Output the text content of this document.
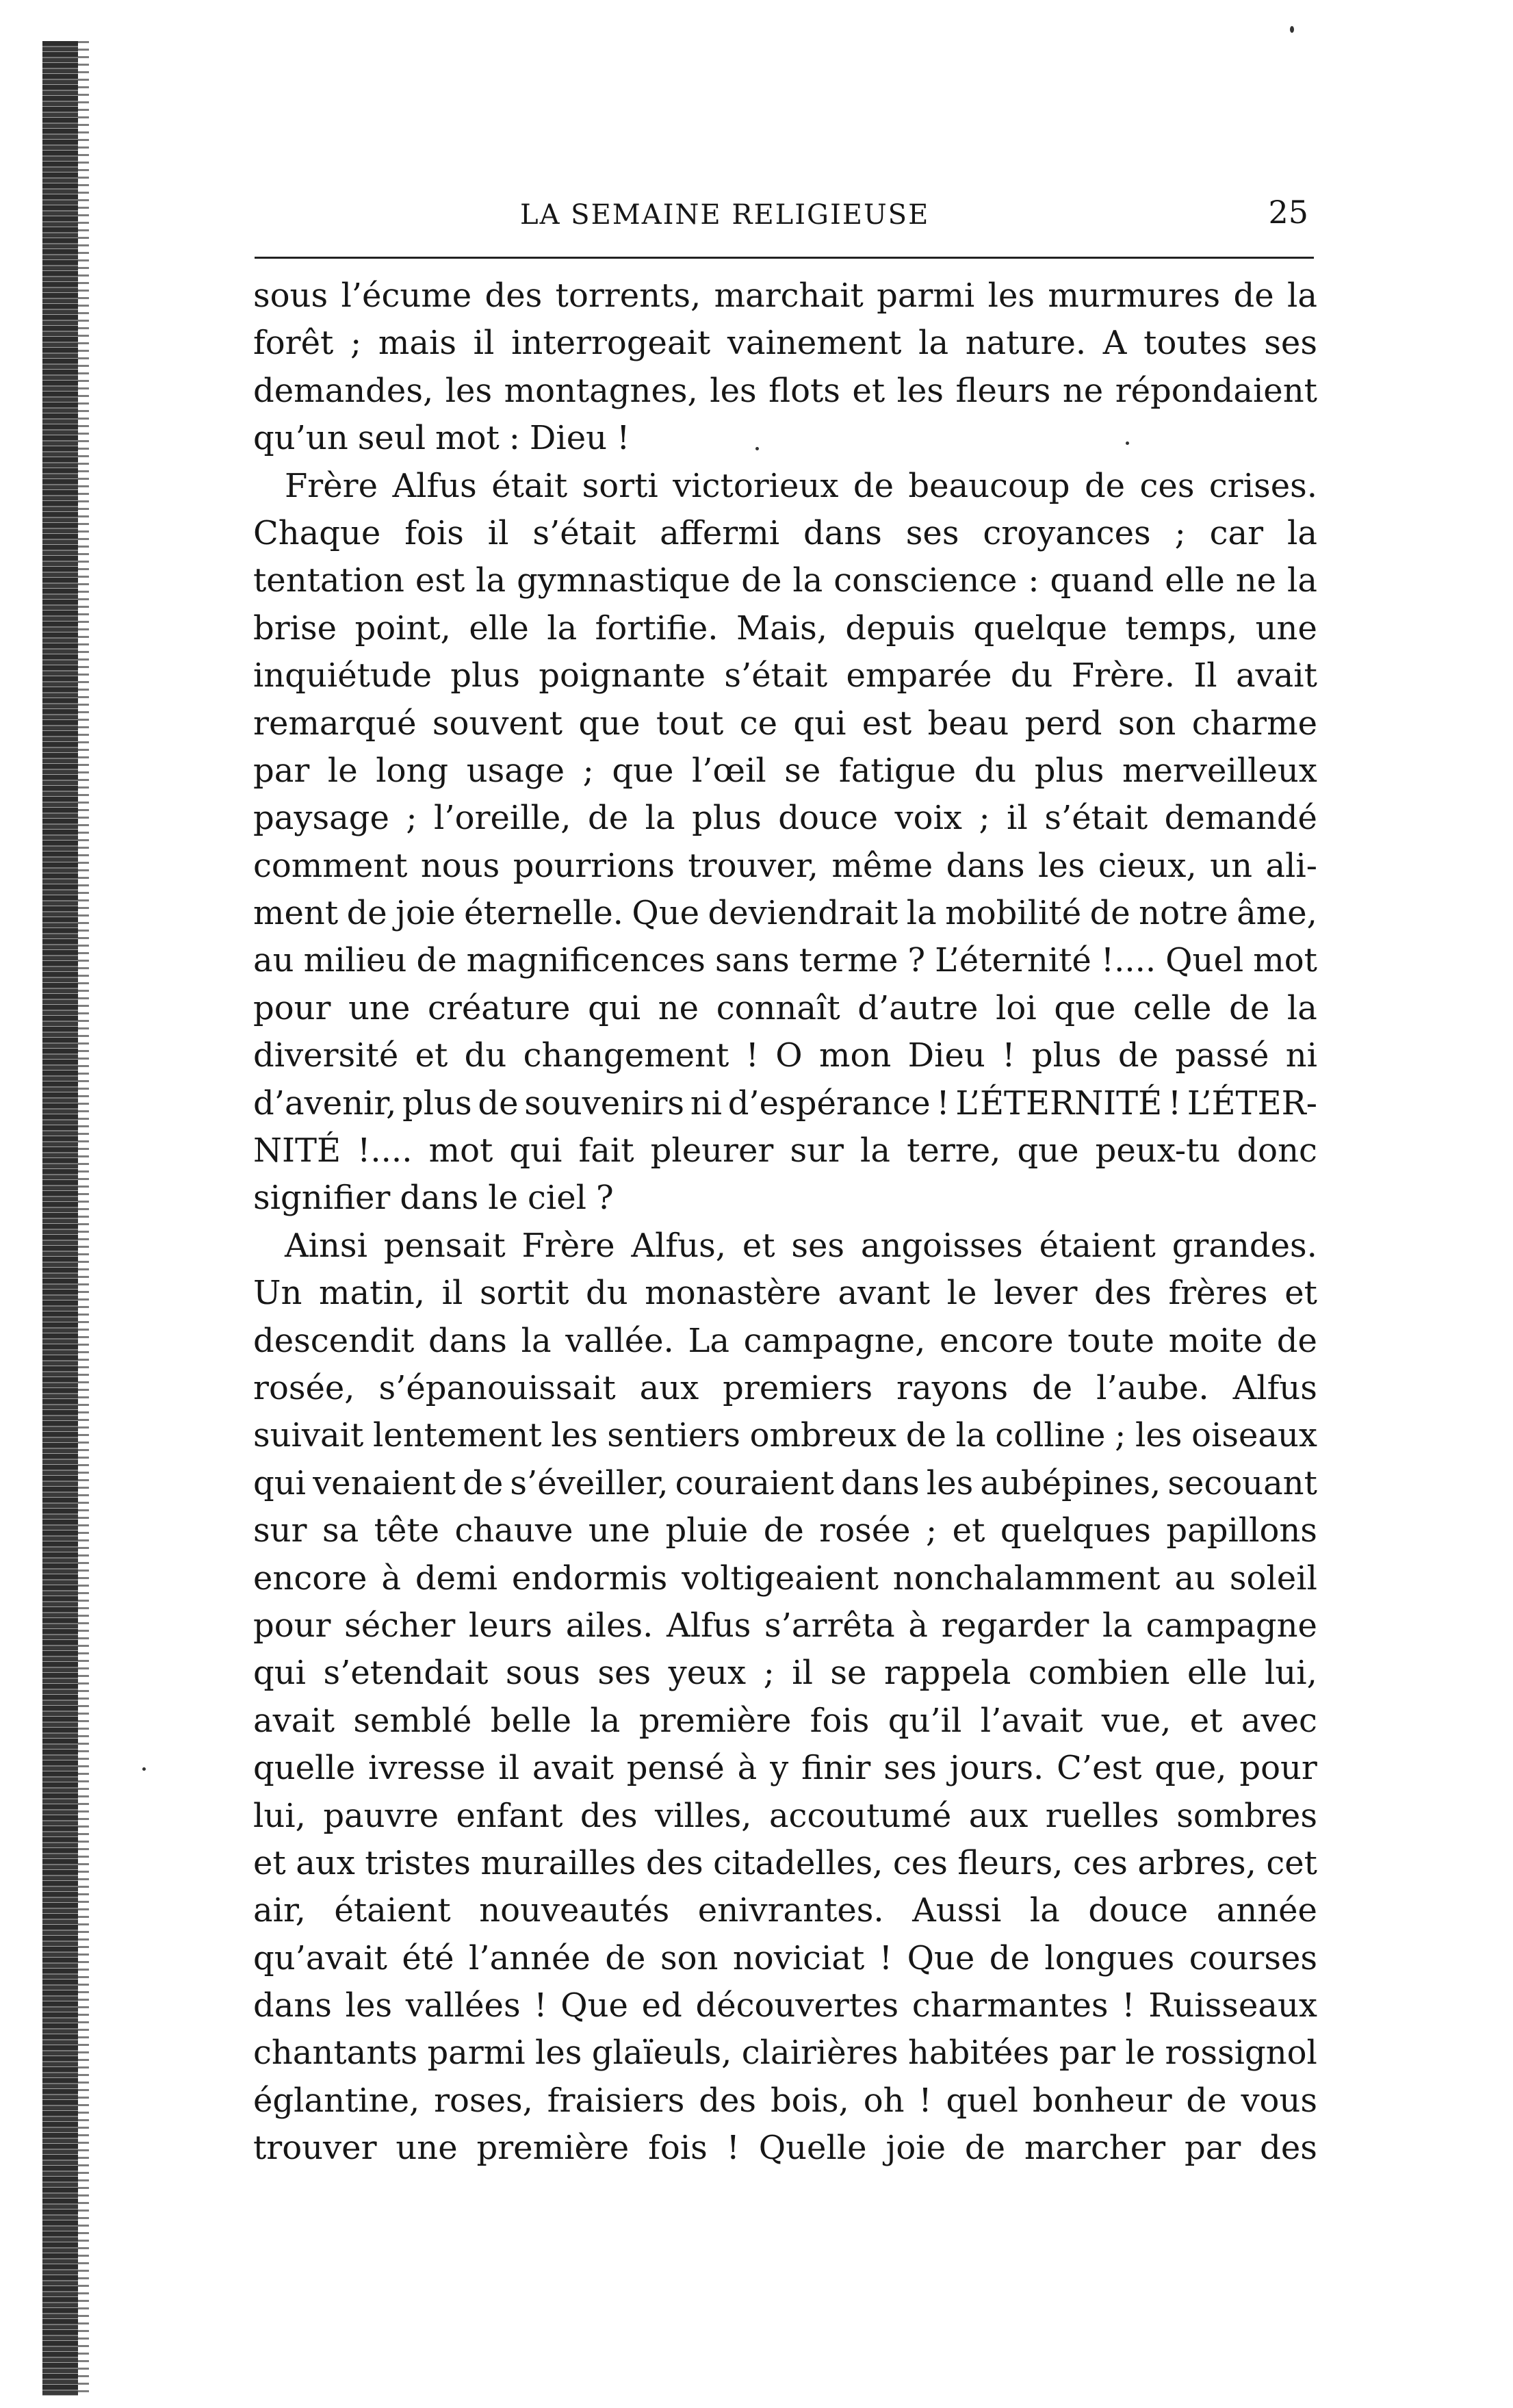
LA SEMAINE RELIGIEUSE	25
sous l’écume des torrents, marchait parmi les murmures de la
forêt ; mais il interrogeait vainement la nature. A toutes ses
demandes, les montagnes, les flots et les fleurs ne répondaient
qu’un seul mot : Dieu !
Frère Alfus était sorti victorieux de beaucoup de ces crises.
Chaque fois il s’était affermi dans ses croyances ; car la
tentation est la gymnastique de la conscience : quand elle ne la
brise point, elle la fortifie. Mais, depuis quelque temps, une
inquiétude plus poignante s’était emparée du Frère. Il avait
remarqué souvent que tout ce qui est beau perd son charme
par le long usage ; que l’œil se fatigue du plus merveilleux
paysage ; l’oreille, de la plus douce voix ; il s’était demandé
comment nous pourrions trouver, même dans les cieux, un ali-
ment de joie éternelle. Que deviendrait la mobilité de notre âme,
au milieu de magnificences sans terme ? L’éternité !.... Quel mot
pour une créature qui ne connaît d’autre loi que celle de la
diversité et du changement ! O mon Dieu ! plus de passé ni
d’avenir, plus de souvenirs ni d’espérance ! L’ÉTERNITÉ ! L’ÉTER-
NITÉ !.... mot qui fait pleurer sur la terre, que peux-tu donc
signifier dans le ciel ?
Ainsi pensait Frère Alfus, et ses angoisses étaient grandes.
Un matin, il sortit du monastère avant le lever des frères et
descendit dans la vallée. La campagne, encore toute moite de
rosée, s’épanouissait aux premiers rayons de l’aube. Alfus
suivait lentement les sentiers ombreux de la colline ; les oiseaux
qui venaient de s’éveiller, couraient dans les aubépines, secouant
sur sa tête chauve une pluie de rosée ; et quelques papillons
encore à demi endormis voltigeaient nonchalamment au soleil
pour sécher leurs ailes. Alfus s’arrêta à regarder la campagne
qui s’etendait sous ses yeux ; il se rappela combien elle lui,
avait semblé belle la première fois qu’il l’avait vue, et avec
quelle ivresse il avait pensé à y finir ses jours. C’est que, pour
lui, pauvre enfant des villes, accoutumé aux ruelles sombres
et aux tristes murailles des citadelles, ces fleurs, ces arbres, cet
air, étaient nouveautés enivrantes. Aussi la douce année
qu’avait été l’année de son noviciat ! Que de longues courses
dans les vallées ! Que ed découvertes charmantes ! Ruisseaux
chantants parmi les glaïeuls, clairières habitées par le rossignol
églantine, roses, fraisiers des bois, oh ! quel bonheur de vous
trouver une première fois ! Quelle joie de marcher par des
